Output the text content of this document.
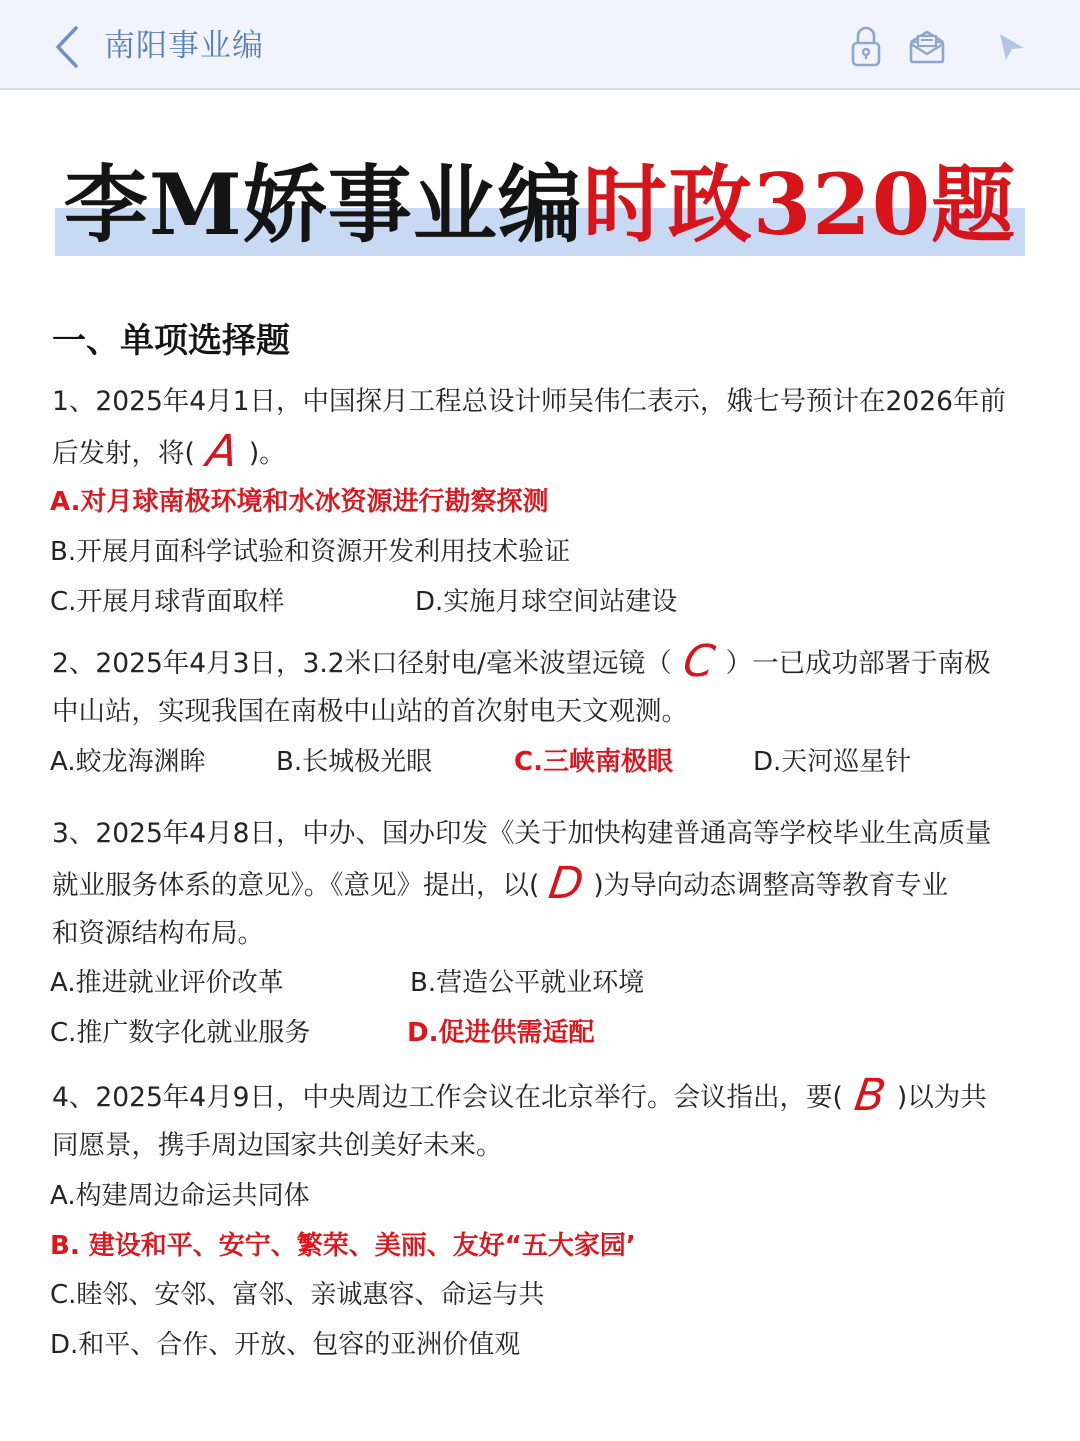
南阳事业编
李M娇事业编时政320题
一、单项选择题
1、2025年4月1日，中国探月工程总设计师吴伟仁表示，娥七号预计在2026年前
后发射，将( A )。
A.对月球南极环境和水冰资源进行勘察探测
B.开展月面科学试验和资源开发利用技术验证
C.开展月球背面取样	D.实施月球空间站建设
2、2025年4月3日，3.2米口径射电/毫米波望远镜（ C ）一已成功部署于南极
中山站，实现我国在南极中山站的首次射电天文观测。
A.蛟龙海渊眸	B.长城极光眼	C.三峡南极眼	D.天河巡星针
3、2025年4月8日，中办、国办印发《关于加快构建普通高等学校毕业生高质量
就业服务体系的意见》。《意见》提出，以( D )为导向动态调整高等教育专业
和资源结构布局。
A.推进就业评价改革	B.营造公平就业环境
C.推广数字化就业服务	D.促进供需适配
4、2025年4月9日，中央周边工作会议在北京举行。会议指出，要( B )以为共
同愿景，携手周边国家共创美好未来。
A.构建周边命运共同体
B. 建设和平、安宁、繁荣、美丽、友好“五大家园’
C.睦邻、安邻、富邻、亲诚惠容、命运与共
D.和平、合作、开放、包容的亚洲价值观
